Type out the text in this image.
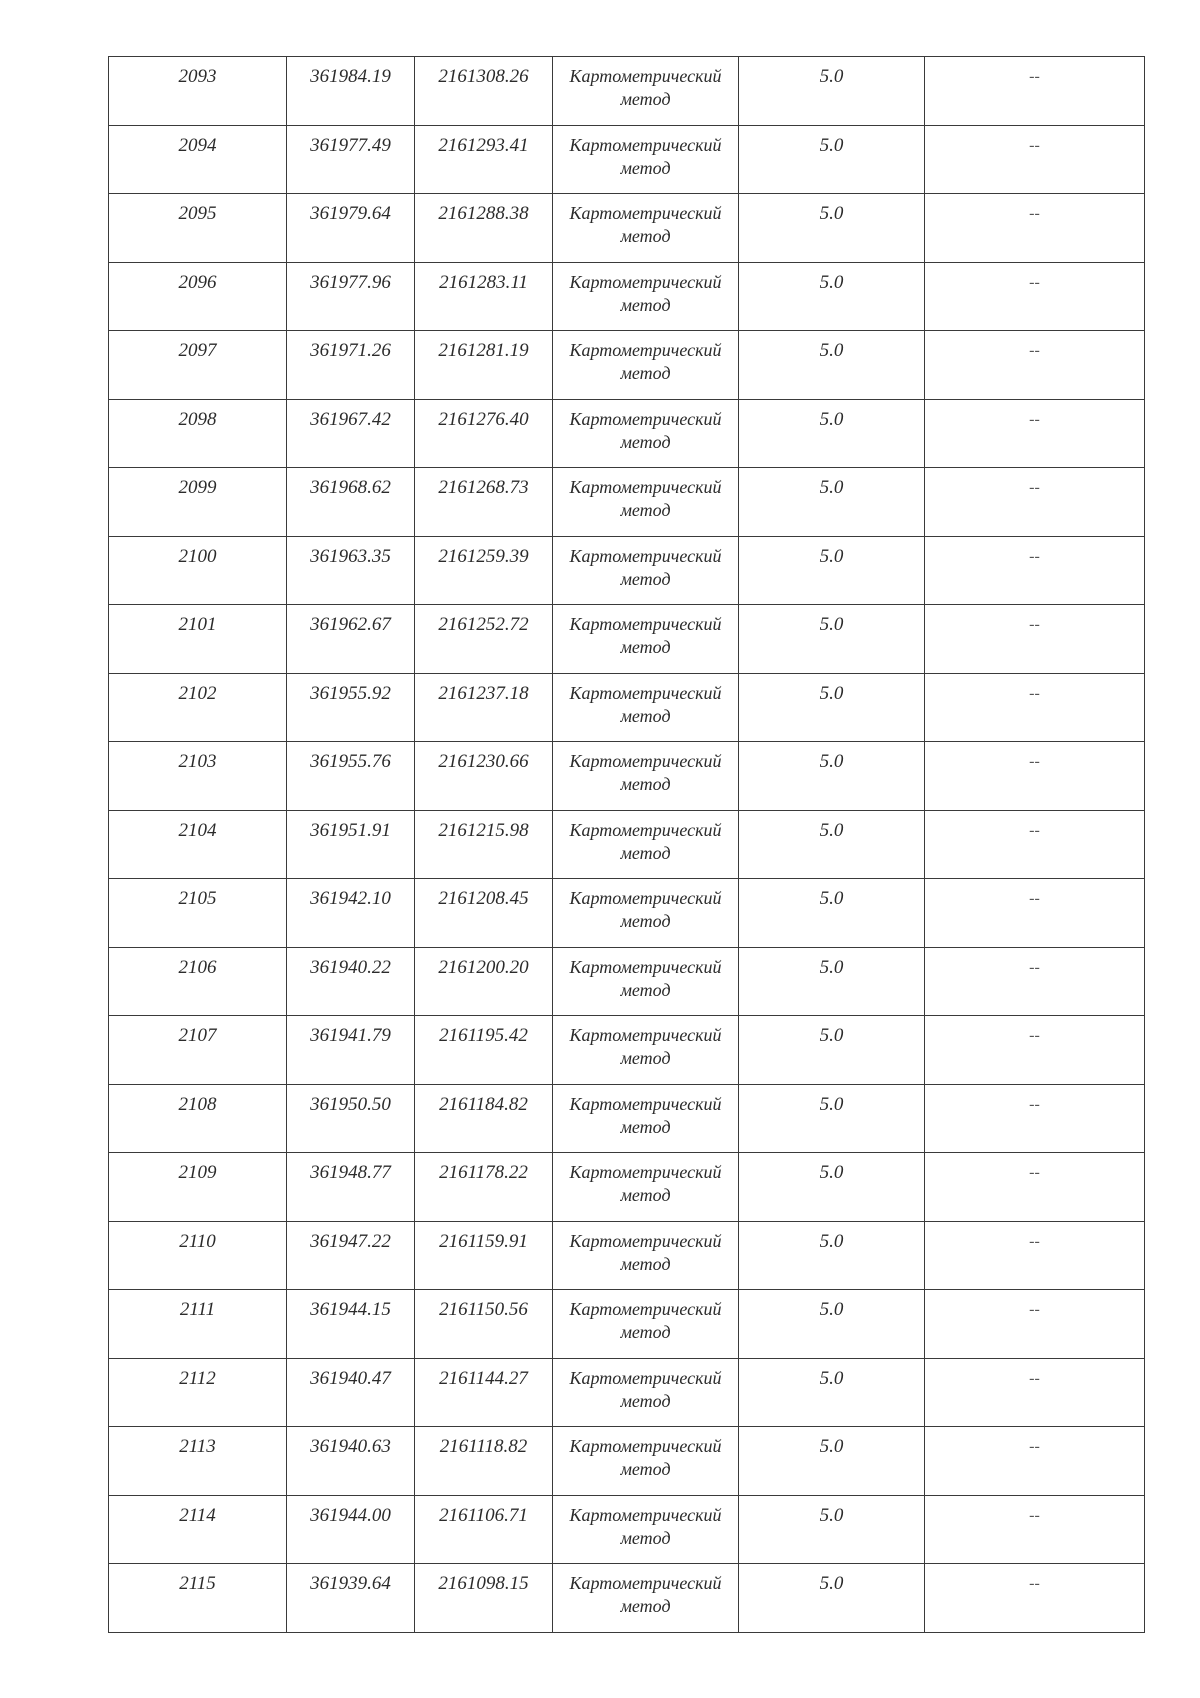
2093	361984.19	2161308.26	Картометрический метод	5.0	--
2094	361977.49	2161293.41	Картометрический метод	5.0	--
2095	361979.64	2161288.38	Картометрический метод	5.0	--
2096	361977.96	2161283.11	Картометрический метод	5.0	--
2097	361971.26	2161281.19	Картометрический метод	5.0	--
2098	361967.42	2161276.40	Картометрический метод	5.0	--
2099	361968.62	2161268.73	Картометрический метод	5.0	--
2100	361963.35	2161259.39	Картометрический метод	5.0	--
2101	361962.67	2161252.72	Картометрический метод	5.0	--
2102	361955.92	2161237.18	Картометрический метод	5.0	--
2103	361955.76	2161230.66	Картометрический метод	5.0	--
2104	361951.91	2161215.98	Картометрический метод	5.0	--
2105	361942.10	2161208.45	Картометрический метод	5.0	--
2106	361940.22	2161200.20	Картометрический метод	5.0	--
2107	361941.79	2161195.42	Картометрический метод	5.0	--
2108	361950.50	2161184.82	Картометрический метод	5.0	--
2109	361948.77	2161178.22	Картометрический метод	5.0	--
2110	361947.22	2161159.91	Картометрический метод	5.0	--
2111	361944.15	2161150.56	Картометрический метод	5.0	--
2112	361940.47	2161144.27	Картометрический метод	5.0	--
2113	361940.63	2161118.82	Картометрический метод	5.0	--
2114	361944.00	2161106.71	Картометрический метод	5.0	--
2115	361939.64	2161098.15	Картометрический метод	5.0	--
